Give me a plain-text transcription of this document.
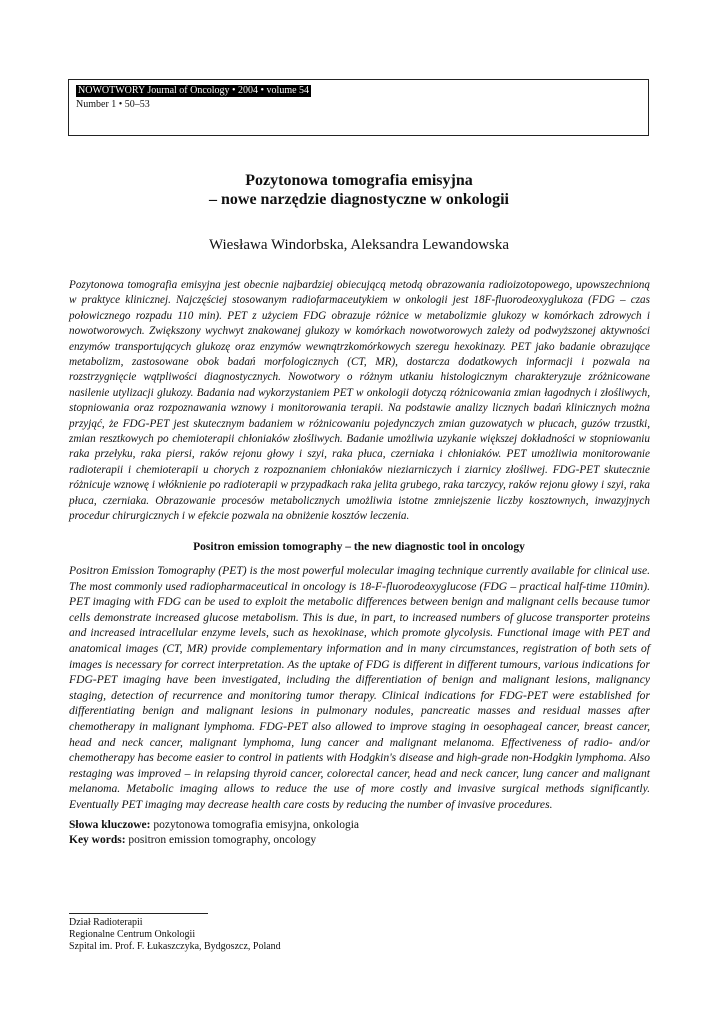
NOWOTWORY Journal of Oncology • 2004 • volume 54
Number 1 • 50–53
Pozytonowa tomografia emisyjna
– nowe narzędzie diagnostyczne w onkologii
Wiesława Windorbska, Aleksandra Lewandowska

Pozytonowa tomografia emisyjna jest obecnie najbardziej obiecującą metodą obrazowania radioizotopowego, upowszechnioną w praktyce klinicznej. Najczęściej stosowanym radiofarmaceutykiem w onkologii jest 18F-fluorodeoxyglukoza (FDG – czas połowicznego rozpadu 110 min). PET z użyciem FDG obrazuje różnice w metabolizmie glukozy w komórkach zdrowych i nowotworowych. Zwiększony wychwyt znakowanej glukozy w komórkach nowotworowych zależy od podwyższonej aktywności enzymów transportujących glukozę oraz enzymów wewnątrzkomórkowych szeregu hexokinazy. PET jako badanie obrazujące metabolizm, zastosowane obok badań morfologicznych (CT, MR), dostarcza dodatkowych informacji i pozwala na rozstrzygnięcie wątpliwości diagnostycznych. Nowotwory o różnym utkaniu histologicznym charakteryzuje zróżnicowane nasilenie utylizacji glukozy. Badania nad wykorzystaniem PET w onkologii dotyczą różnicowania zmian łagodnych i złośliwych, stopniowania oraz rozpoznawania wznowy i monitorowania terapii. Na podstawie analizy licznych badań klinicznych można przyjąć, że FDG-PET jest skutecznym badaniem w różnicowaniu pojedynczych zmian guzowatych w płucach, guzów trzustki, zmian resztkowych po chemioterapii chłoniaków złośliwych. Badanie umożliwia uzykanie większej dokładności w stopniowaniu raka przełyku, raka piersi, raków rejonu głowy i szyi, raka płuca, czerniaka i chłoniaków. PET umożliwia monitorowanie radioterapii i chemioterapii u chorych z rozpoznaniem chłoniaków nieziarniczych i ziarnicy złośliwej. FDG-PET skutecznie różnicuje wznowę i włóknienie po radioterapii w przypadkach raka jelita grubego, raka tarczycy, raków rejonu głowy i szyi, raka płuca, czerniaka. Obrazowanie procesów metabolicznych umożliwia istotne zmniejszenie liczby kosztownych, inwazyjnych procedur chirurgicznych i w efekcie pozwala na obniżenie kosztów leczenia.

Positron emission tomography – the new diagnostic tool in oncology

Positron Emission Tomography (PET) is the most powerful molecular imaging technique currently available for clinical use. The most commonly used radiopharmaceutical in oncology is 18-F-fluorodeoxyglucose (FDG – practical half-time 110min). PET imaging with FDG can be used to exploit the metabolic differences between benign and malignant cells because tumor cells demonstrate increased glucose metabolism. This is due, in part, to increased numbers of glucose transporter proteins and increased intracellular enzyme levels, such as hexokinase, which promote glycolysis. Functional image with PET and anatomical images (CT, MR) provide complementary information and in many circumstances, registration of both sets of images is necessary for correct interpretation. As the uptake of FDG is different in different tumours, various indications for FDG-PET imaging have been investigated, including the differentiation of benign and malignant lesions, malignancy staging, detection of recurrence and monitoring tumor therapy. Clinical indications for FDG-PET were established for differentiating benign and malignant lesions in pulmonary nodules, pancreatic masses and residual masses after chemotherapy in malignant lymphoma. FDG-PET also allowed to improve staging in oesophageal cancer, breast cancer, head and neck cancer, malignant lymphoma, lung cancer and malignant melanoma. Effectiveness of radio- and/or chemotherapy has become easier to control in patients with Hodgkin's disease and high-grade non-Hodgkin lymphoma. Also restaging was improved – in relapsing thyroid cancer, colorectal cancer, head and neck cancer, lung cancer and malignant melanoma. Metabolic imaging allows to reduce the use of more costly and invasive surgical methods significantly. Eventually PET imaging may decrease health care costs by reducing the number of invasive procedures.

Słowa kluczowe: pozytonowa tomografia emisyjna, onkologia
Key words: positron emission tomography, oncology
Dział Radioterapii
Regionalne Centrum Onkologii
Szpital im. Prof. F. Łukaszczyka, Bydgoszcz, Poland
